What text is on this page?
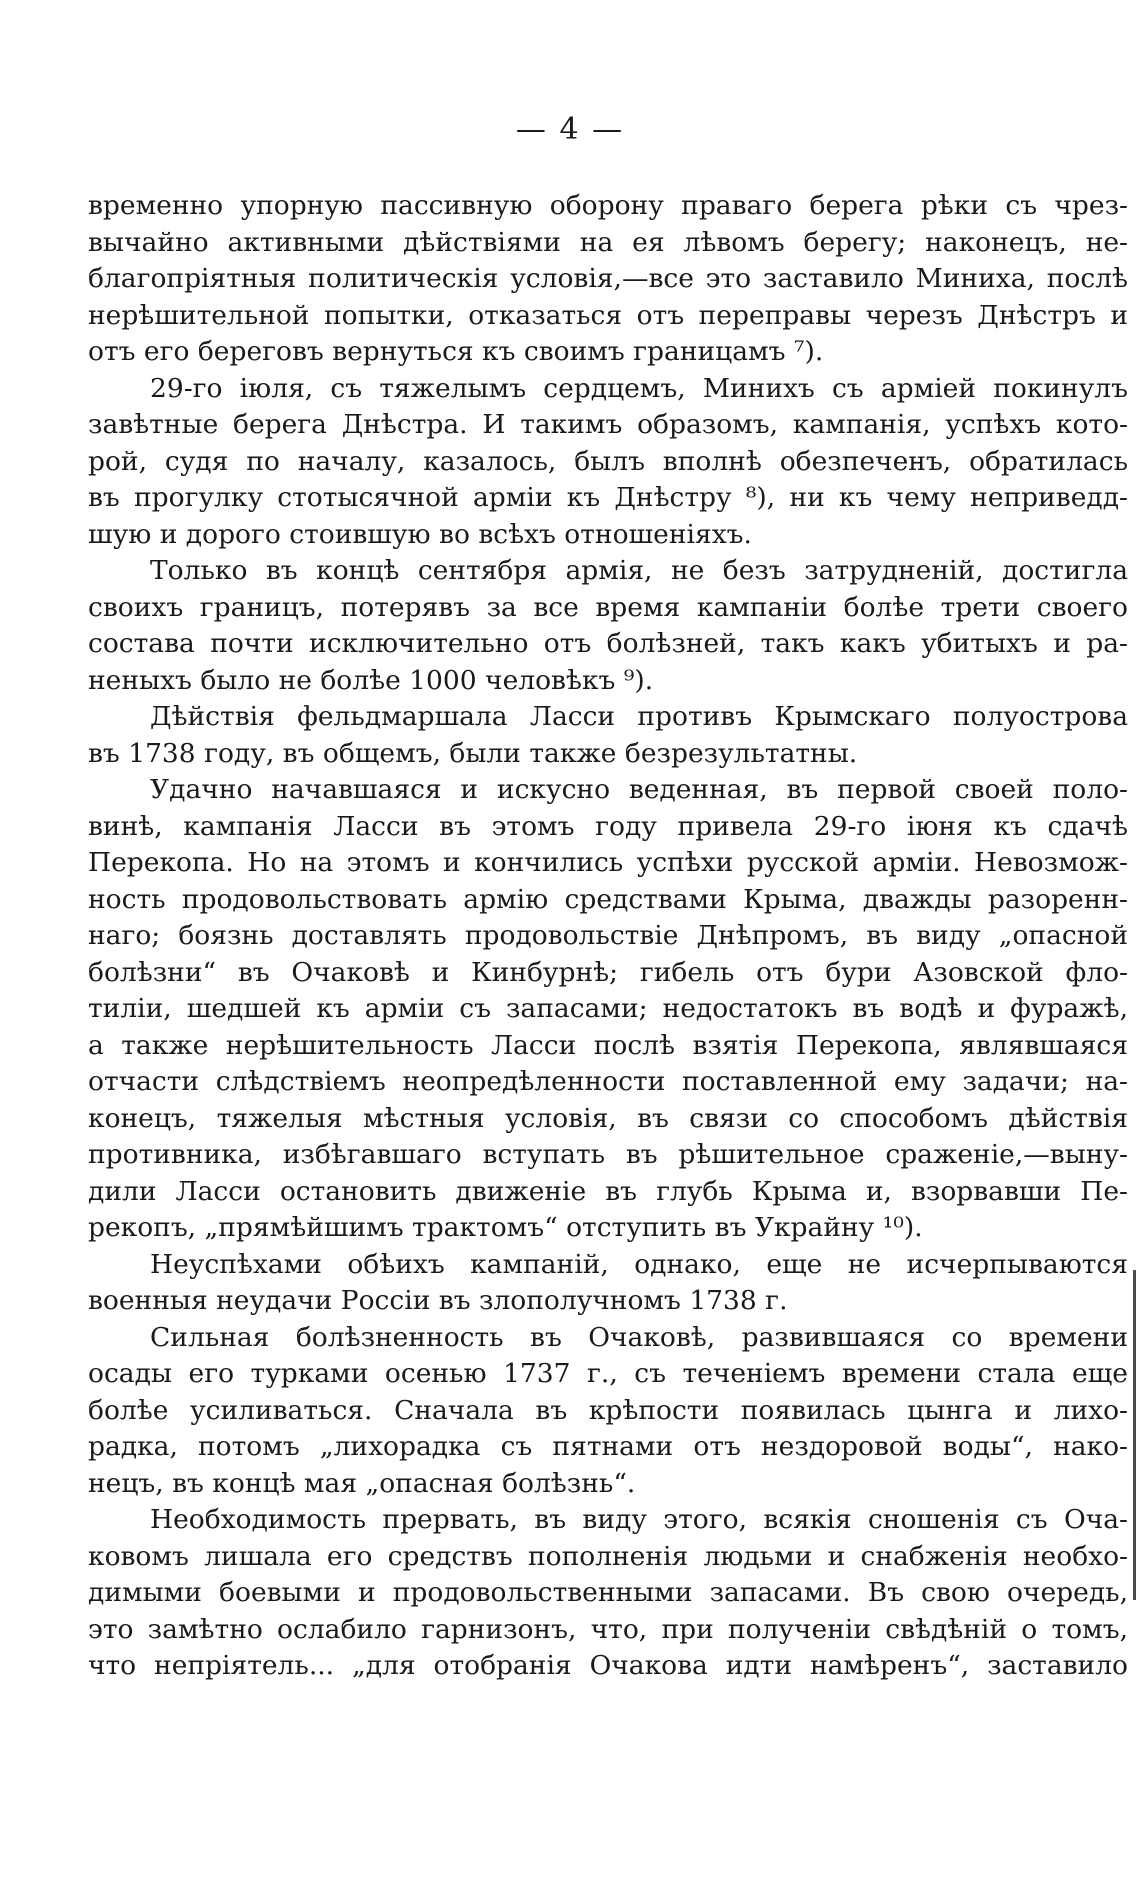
— 4 —
временно упорную пассивную оборону праваго берега рѣки съ чрез-
вычайно активными дѣйствіями на ея лѣвомъ берегу; наконецъ, не-
благопріятныя политическія условія,—все это заставило Миниха, послѣ
нерѣшительной попытки, отказаться отъ переправы черезъ Днѣстръ и
отъ его береговъ вернуться къ своимъ границамъ ⁷).
29-го іюля, съ тяжелымъ сердцемъ, Минихъ съ арміей покинулъ
завѣтные берега Днѣстра. И такимъ образомъ, кампанія, успѣхъ кото-
рой, судя по началу, казалось, былъ вполнѣ обезпеченъ, обратилась
въ прогулку стотысячной арміи къ Днѣстру ⁸), ни къ чему неприведд-
шую и дорого стоившую во всѣхъ отношеніяхъ.
Только въ концѣ сентября армія, не безъ затрудненій, достигла
своихъ границъ, потерявъ за все время кампаніи болѣе трети своего
состава почти исключительно отъ болѣзней, такъ какъ убитыхъ и ра-
неныхъ было не болѣе 1000 человѣкъ ⁹).
Дѣйствія фельдмаршала Ласси противъ Крымскаго полуострова
въ 1738 году, въ общемъ, были также безрезультатны.
Удачно начавшаяся и искусно веденная, въ первой своей поло-
винѣ, кампанія Ласси въ этомъ году привела 29-го іюня къ сдачѣ
Перекопа. Но на этомъ и кончились успѣхи русской арміи. Невозмож-
ность продовольствовать армію средствами Крыма, дважды разоренн-
наго; боязнь доставлять продовольствіе Днѣпромъ, въ виду „опасной
болѣзни“ въ Очаковѣ и Кинбурнѣ; гибель отъ бури Азовской фло-
тиліи, шедшей къ арміи съ запасами; недостатокъ въ водѣ и фуражѣ,
а также нерѣшительность Ласси послѣ взятія Перекопа, являвшаяся
отчасти слѣдствіемъ неопредѣленности поставленной ему задачи; на-
конецъ, тяжелыя мѣстныя условія, въ связи со способомъ дѣйствія
противника, избѣгавшаго вступать въ рѣшительное сраженіе,—выну-
дили Ласси остановить движеніе въ глубь Крыма и, взорвавши Пе-
рекопъ, „прямѣйшимъ трактомъ“ отступить въ Украйну ¹⁰).
Неуспѣхами обѣихъ кампаній, однако, еще не исчерпываются
военныя неудачи Россіи въ злополучномъ 1738 г.
Сильная болѣзненность въ Очаковѣ, развившаяся со времени
осады его турками осенью 1737 г., съ теченіемъ времени стала еще
болѣе усиливаться. Сначала въ крѣпости появилась цынга и лихо-
радка, потомъ „лихорадка съ пятнами отъ нездоровой воды“, нако-
нецъ, въ концѣ мая „опасная болѣзнь“.
Необходимость прервать, въ виду этого, всякія сношенія съ Оча-
ковомъ лишала его средствъ пополненія людьми и снабженія необхо-
димыми боевыми и продовольственными запасами. Въ свою очередь,
это замѣтно ослабило гарнизонъ, что, при полученіи свѣдѣній о томъ,
что непріятель... „для отобранія Очакова идти намѣренъ“, заставило
